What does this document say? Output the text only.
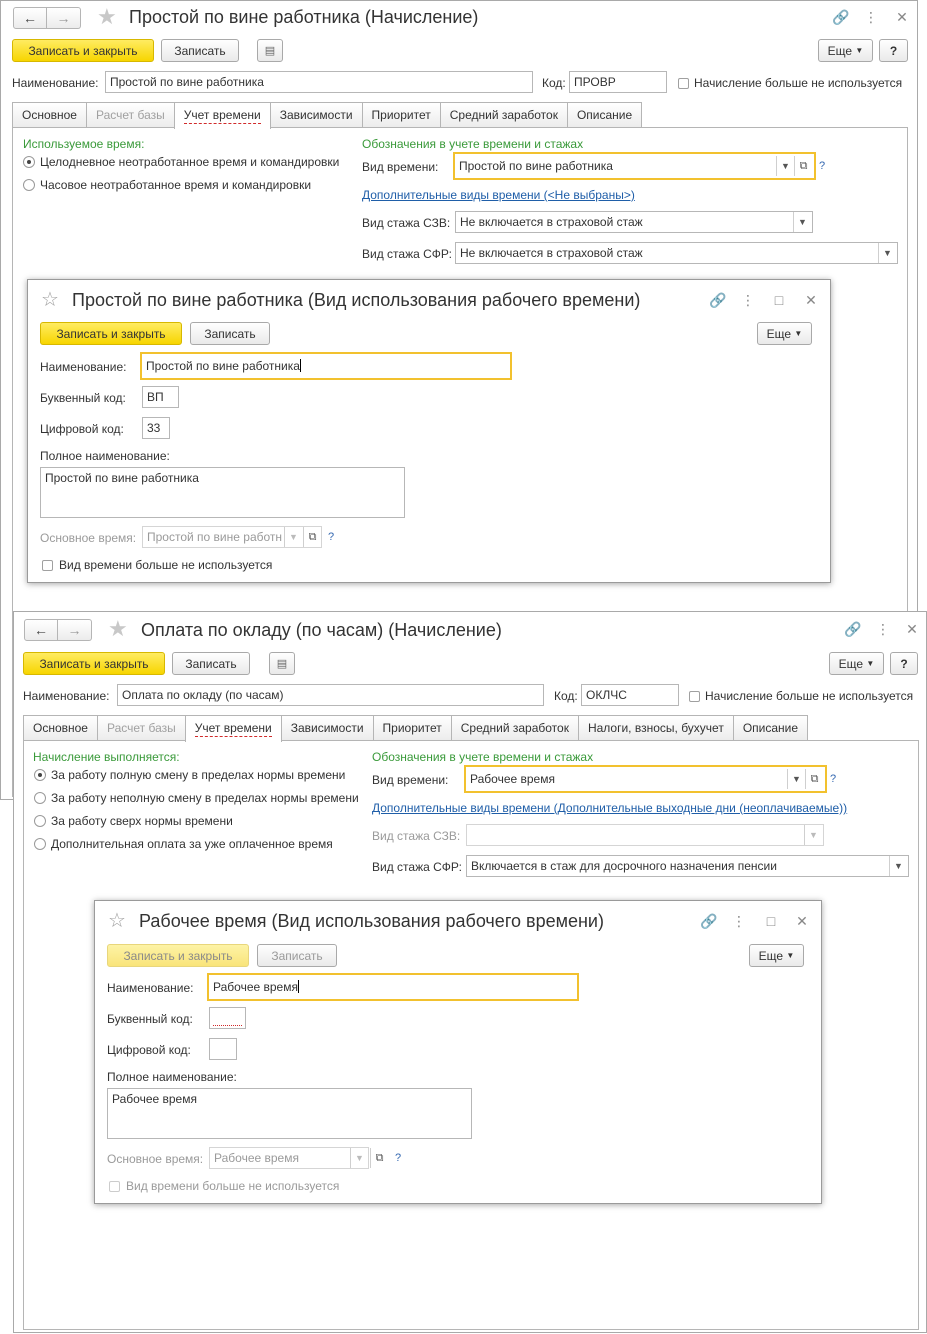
← → ★ Простой по вине работника (Начисление)	🔗 ⋮ ✕
Записать и закрыть	Записать	▤	Еще
▼	?
Наименование: Простой по вине работника	Код: ПРОВР	Начисление больше не используется
Основное	Расчет базы	Учет времени	Зависимости	Приоритет	Средний заработок	Описание
Используемое время:
Целодневное неотработанное время и командировки
Часовое неотработанное время и командировки
Обозначения в учете времени и стажах
Вид времени:	Простой по вине работника	▼ ⧉ ?
Дополнительные виды времени (<Не выбраны>)
Вид стажа СЗВ: Не включается в страховой стаж	▼
Вид стажа СФР: Не включается в страховой стаж	▼
☆ Простой по вине работника (Вид использования рабочего времени)	🔗 ⋮ □ ✕
Записать и закрыть	Записать	Еще
▼
Наименование:	Простой по вине работника
Буквенный код:	ВП
Цифровой код:	33
Полное наименование:
Простой по вине работника
Основное время: Простой по вине работн ▼ ⧉ ?
Вид времени больше не используется
← → ★ Оплата по окладу (по часам) (Начисление)	🔗 ⋮ ✕
Записать и закрыть	Записать	▤	Еще
▼	?
Наименование:	Оплата по окладу (по часам)	Код: ОКЛЧС	Начисление больше не используется
Основное	Расчет базы	Учет времени	Зависимости	Приоритет	Средний заработок	Налоги, взносы, бухучет	Описание
Начисление выполняется:
За работу полную смену в пределах нормы времени
За работу неполную смену в пределах нормы времени
За работу сверх нормы времени
Дополнительная оплата за уже оплаченное время
Обозначения в учете времени и стажах
Вид времени:	Рабочее время	▼ ⧉ ?
Дополнительные виды времени (Дополнительные выходные дни (неоплачиваемые))
Вид стажа СЗВ:	▼
Вид стажа СФР: Включается в стаж для досрочного назначения пенсии	▼
☆ Рабочее время (Вид использования рабочего времени)	🔗 ⋮ □ ✕
Записать и закрыть	Записать	Еще
▼
Наименование:	Рабочее время
Буквенный код:
Цифровой код:
Полное наименование:
Рабочее время
Основное время: Рабочее время	▼ ⧉ ?
Вид времени больше не используется
